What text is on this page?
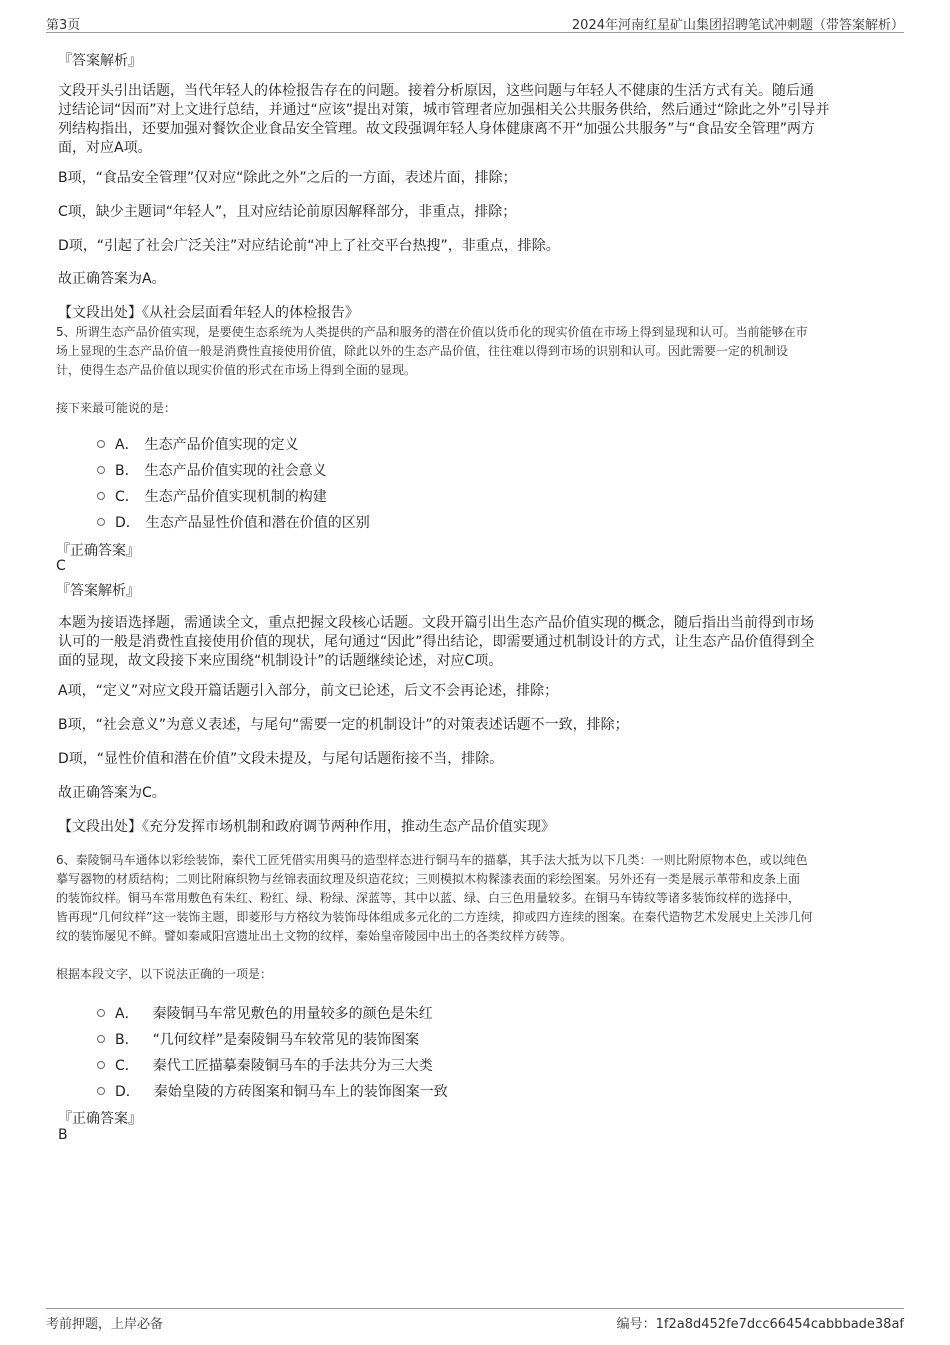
第3页	2024年河南红星矿山集团招聘笔试冲刺题（带答案解析）
『答案解析』
文段开头引出话题，当代年轻人的体检报告存在的问题。接着分析原因，这些问题与年轻人不健康的生活方式有关。随后通
过结论词“因而”对上文进行总结，并通过“应该”提出对策，城市管理者应加强相关公共服务供给，然后通过“除此之外”引导并
列结构指出，还要加强对餐饮企业食品安全管理。故文段强调年轻人身体健康离不开“加强公共服务”与“食品安全管理”两方
面，对应A项。
B项，“食品安全管理”仅对应“除此之外”之后的一方面，表述片面，排除；
C项，缺少主题词“年轻人”，且对应结论前原因解释部分，非重点，排除；
D项，“引起了社会广泛关注”对应结论前“冲上了社交平台热搜”，非重点，排除。
故正确答案为A。
【文段出处】《从社会层面看年轻人的体检报告》
5、所谓生态产品价值实现，是要使生态系统为人类提供的产品和服务的潜在价值以货币化的现实价值在市场上得到显现和认可。当前能够在市
场上显现的生态产品价值一般是消费性直接使用价值，除此以外的生态产品价值，往往难以得到市场的识别和认可。因此需要一定的机制设
计，使得生态产品价值以现实价值的形式在市场上得到全面的显现。
接下来最可能说的是：
A． 生态产品价值实现的定义
B． 生态产品价值实现的社会意义
C． 生态产品价值实现机制的构建
D． 生态产品显性价值和潜在价值的区别
『正确答案』
C
『答案解析』
本题为接语选择题，需通读全文，重点把握文段核心话题。文段开篇引出生态产品价值实现的概念，随后指出当前得到市场
认可的一般是消费性直接使用价值的现状，尾句通过“因此”得出结论，即需要通过机制设计的方式，让生态产品价值得到全
面的显现，故文段接下来应围绕“机制设计”的话题继续论述，对应C项。
A项，“定义”对应文段开篇话题引入部分，前文已论述，后文不会再论述，排除；
B项，“社会意义”为意义表述，与尾句“需要一定的机制设计”的对策表述话题不一致，排除；
D项，“显性价值和潜在价值”文段未提及，与尾句话题衔接不当，排除。
故正确答案为C。
【文段出处】《充分发挥市场机制和政府调节两种作用，推动生态产品价值实现》
6、秦陵铜马车通体以彩绘装饰，秦代工匠凭借实用舆马的造型样态进行铜马车的描摹，其手法大抵为以下几类：一则比附原物本色，或以纯色
摹写器物的材质结构；二则比附麻织物与丝锦表面纹理及织造花纹；三则模拟木构髹漆表面的彩绘图案。另外还有一类是展示革带和皮条上面
的装饰纹样。铜马车常用敷色有朱红、粉红、绿、粉绿、深蓝等，其中以蓝、绿、白三色用量较多。在铜马车铸纹等诸多装饰纹样的选择中，
皆再现“几何纹样”这一装饰主题，即菱形与方格纹为装饰母体组成多元化的二方连续，抑或四方连续的图案。在秦代造物艺术发展史上关涉几何
纹的装饰屡见不鲜。譬如秦咸阳宫遗址出土文物的纹样，秦始皇帝陵园中出土的各类纹样方砖等。
根据本段文字，以下说法正确的一项是：
A． 秦陵铜马车常见敷色的用量较多的颜色是朱红
B． “几何纹样”是秦陵铜马车较常见的装饰图案
C． 秦代工匠描摹秦陵铜马车的手法共分为三大类
D． 秦始皇陵的方砖图案和铜马车上的装饰图案一致
『正确答案』
B
考前押题，上岸必备	编号：1f2a8d452fe7dcc66454cabbbade38af
